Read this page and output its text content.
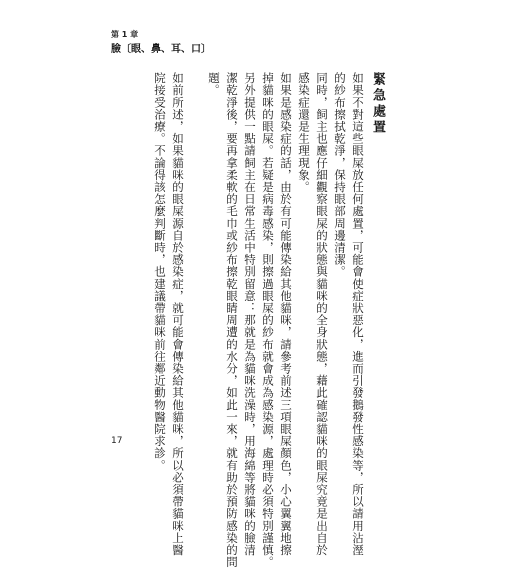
第 1 章
臉〔眼、鼻、耳、口〕
緊急處置
如果不對這些眼屎放任何處置，可能會使症狀惡化，進而引發鵝發性感染等，所以請用沾溼
的紗布擦拭乾淨，保持眼部周邊清潔。
同時，飼主也應仔細觀察眼屎的狀態與貓咪的全身狀態，藉此確認貓咪的眼屎究竟是出自於
感染症還是生理現象。
如果是感染症的話，由於有可能傳染給其他貓咪，請參考前述三項眼屎顏色，小心翼翼地擦
掉貓咪的眼屎。若疑是病毒感染，則擦過眼屎的紗布就會成為感染源，處理時必須特別謹慎。
另外提供一點請飼主在日常生活中特別留意：那就是為貓咪洗澡時，用海綿等將貓咪的臉清
潔乾淨後，要再拿柔軟的毛巾或紗布擦乾眼睛周遭的水分，如此一來，就有助於預防感染的問
題。
如前所述，如果貓咪的眼屎源自於感染症，就可能會傳染給其他貓咪，所以必須帶貓咪上醫
院接受治療。不論得該怎麼判斷時，也建議帶貓咪前往鄰近動物醫院求診。
17
